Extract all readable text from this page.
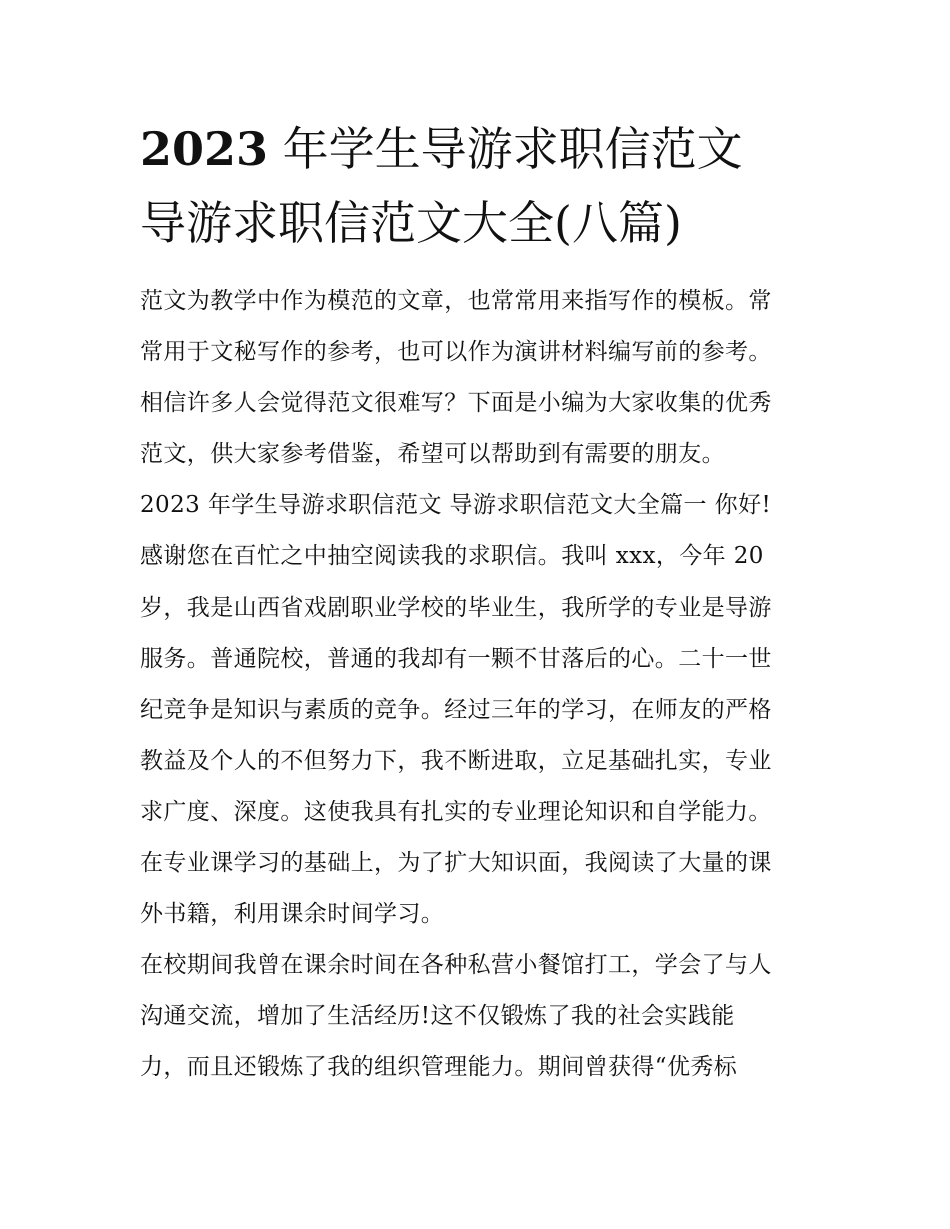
2023 年学生导游求职信范文
导游求职信范文大全(八篇)
范文为教学中作为模范的文章，也常常用来指写作的模板。常
常用于文秘写作的参考，也可以作为演讲材料编写前的参考。
相信许多人会觉得范文很难写？下面是小编为大家收集的优秀
范文，供大家参考借鉴，希望可以帮助到有需要的朋友。
2023 年学生导游求职信范文 导游求职信范文大全篇一 你好!
感谢您在百忙之中抽空阅读我的求职信。我叫 xxx，今年 20
岁，我是山西省戏剧职业学校的毕业生，我所学的专业是导游
服务。普通院校，普通的我却有一颗不甘落后的心。二十一世
纪竞争是知识与素质的竞争。经过三年的学习，在师友的严格
教益及个人的不但努力下，我不断进取，立足基础扎实，专业
求广度、深度。这使我具有扎实的专业理论知识和自学能力。
在专业课学习的基础上，为了扩大知识面，我阅读了大量的课
外书籍，利用课余时间学习。
在校期间我曾在课余时间在各种私营小餐馆打工，学会了与人
沟通交流，增加了生活经历!这不仅锻炼了我的社会实践能
力，而且还锻炼了我的组织管理能力。期间曾获得“优秀标
